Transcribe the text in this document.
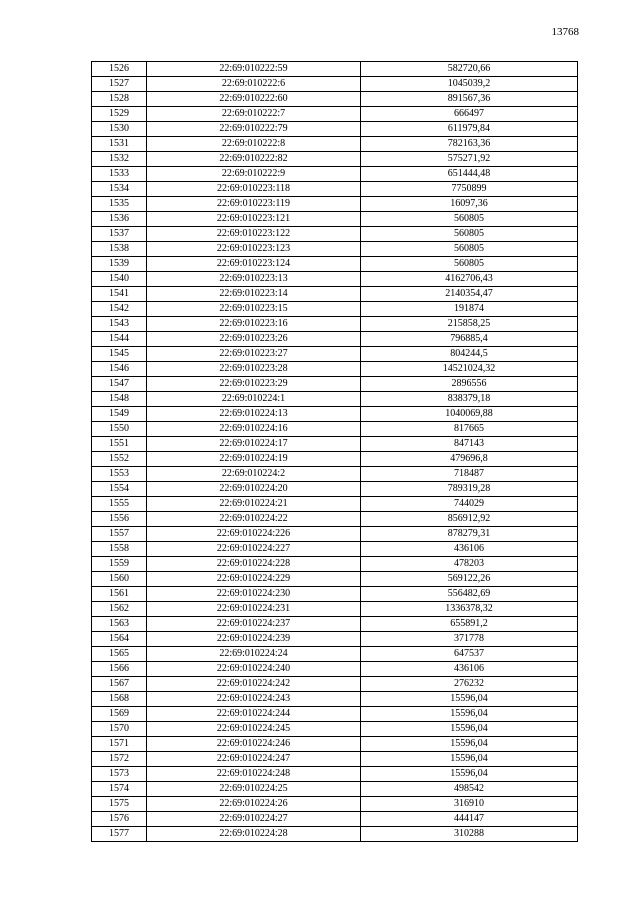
13768
1526	22:69:010222:59	582720,66
1527	22:69:010222:6	1045039,2
1528	22:69:010222:60	891567,36
1529	22:69:010222:7	666497
1530	22:69:010222:79	611979,84
1531	22:69:010222:8	782163,36
1532	22:69:010222:82	575271,92
1533	22:69:010222:9	651444,48
1534	22:69:010223:118	7750899
1535	22:69:010223:119	16097,36
1536	22:69:010223:121	560805
1537	22:69:010223:122	560805
1538	22:69:010223:123	560805
1539	22:69:010223:124	560805
1540	22:69:010223:13	4162706,43
1541	22:69:010223:14	2140354,47
1542	22:69:010223:15	191874
1543	22:69:010223:16	215858,25
1544	22:69:010223:26	796885,4
1545	22:69:010223:27	804244,5
1546	22:69:010223:28	14521024,32
1547	22:69:010223:29	2896556
1548	22:69:010224:1	838379,18
1549	22:69:010224:13	1040069,88
1550	22:69:010224:16	817665
1551	22:69:010224:17	847143
1552	22:69:010224:19	479696,8
1553	22:69:010224:2	718487
1554	22:69:010224:20	789319,28
1555	22:69:010224:21	744029
1556	22:69:010224:22	856912,92
1557	22:69:010224:226	878279,31
1558	22:69:010224:227	436106
1559	22:69:010224:228	478203
1560	22:69:010224:229	569122,26
1561	22:69:010224:230	556482,69
1562	22:69:010224:231	1336378,32
1563	22:69:010224:237	655891,2
1564	22:69:010224:239	371778
1565	22:69:010224:24	647537
1566	22:69:010224:240	436106
1567	22:69:010224:242	276232
1568	22:69:010224:243	15596,04
1569	22:69:010224:244	15596,04
1570	22:69:010224:245	15596,04
1571	22:69:010224:246	15596,04
1572	22:69:010224:247	15596,04
1573	22:69:010224:248	15596,04
1574	22:69:010224:25	498542
1575	22:69:010224:26	316910
1576	22:69:010224:27	444147
1577	22:69:010224:28	310288
